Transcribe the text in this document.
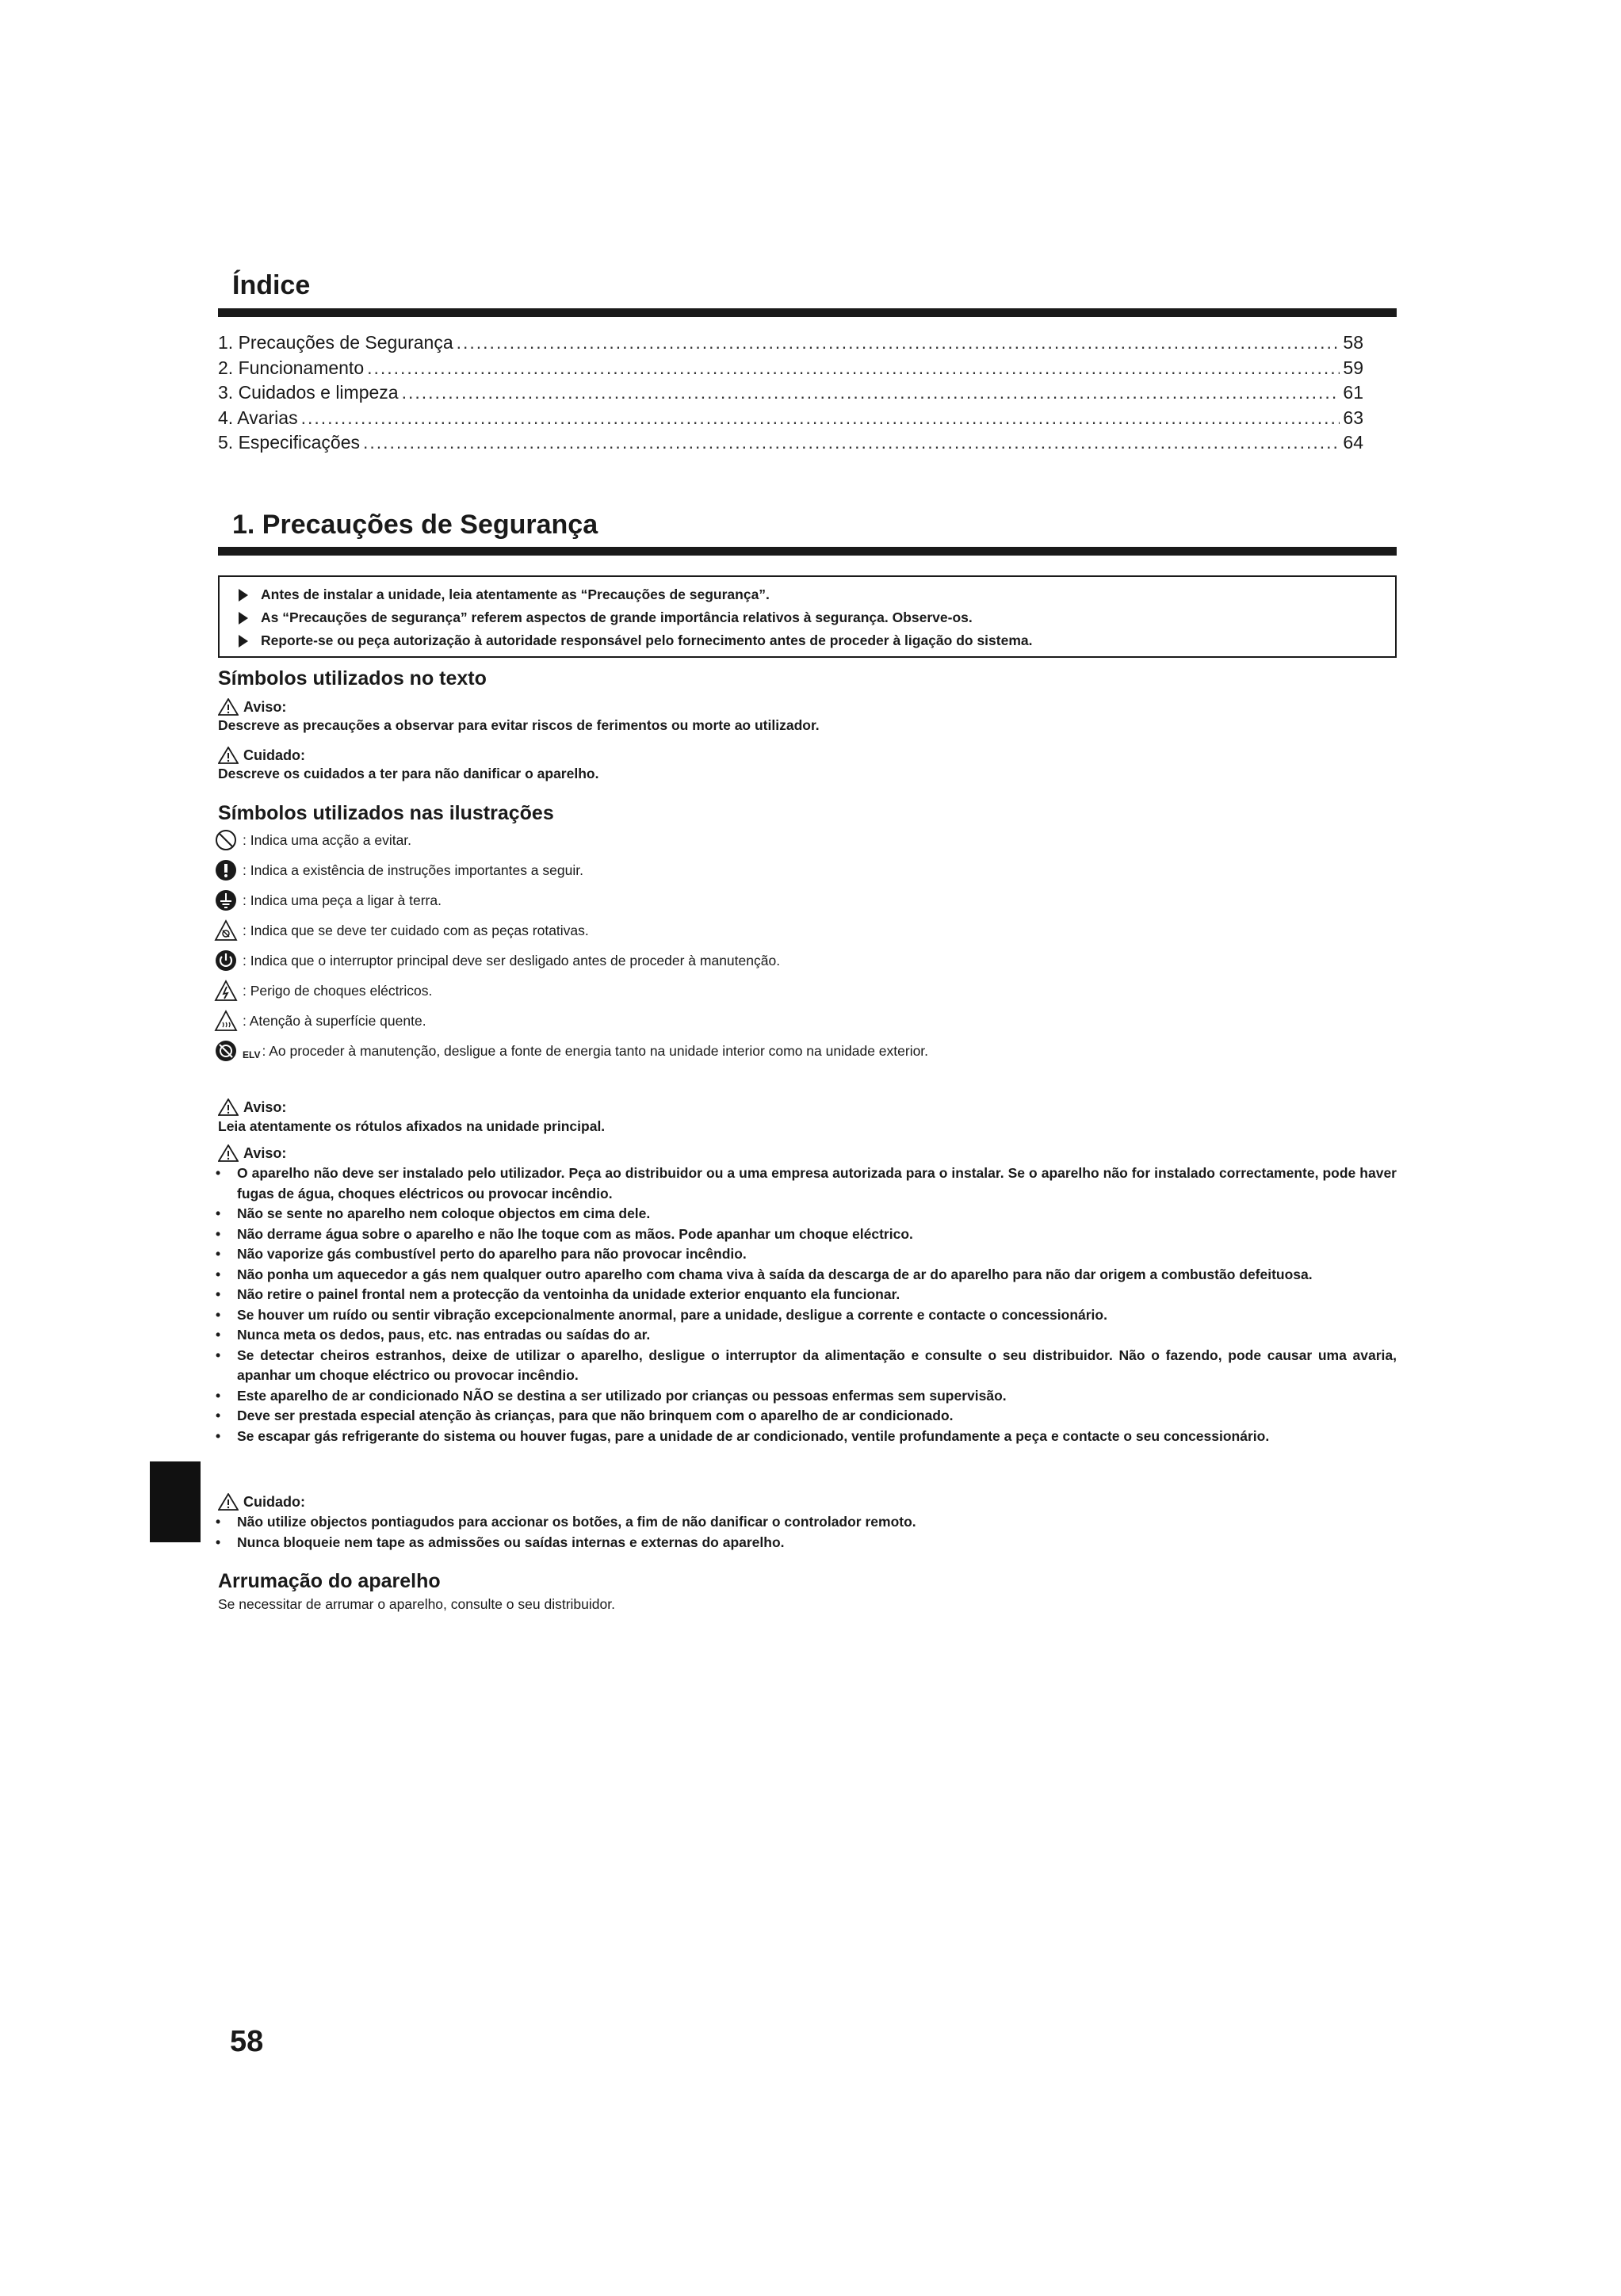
Índice
1. Precauções de Segurança . . .	58
2. Funcionamento . . .	59
3. Cuidados e limpeza . . .	61
4. Avarias . . .	63
5. Especificações . . .	64
1. Precauções de Segurança
Antes de instalar a unidade, leia atentamente as “Precauções de segurança”.
As “Precauções de segurança” referem aspectos de grande importância relativos à segurança. Observe-os.
Reporte-se ou peça autorização à autoridade responsável pelo fornecimento antes de proceder à ligação do sistema.
Símbolos utilizados no texto
Aviso:
Descreve as precauções a observar para evitar riscos de ferimentos ou morte ao utilizador.
Cuidado:
Descreve os cuidados a ter para não danificar o aparelho.
Símbolos utilizados nas ilustrações
: Indica uma acção a evitar.
: Indica a existência de instruções importantes a seguir.
: Indica uma peça a ligar à terra.
: Indica que se deve ter cuidado com as peças rotativas.
: Indica que o interruptor principal deve ser desligado antes de proceder à manutenção.
: Perigo de choques eléctricos.
: Atenção à superfície quente.
ELV : Ao proceder à manutenção, desligue a fonte de energia tanto na unidade interior como na unidade exterior.
Aviso:
Leia atentamente os rótulos afixados na unidade principal.
Aviso:
•	O aparelho não deve ser instalado pelo utilizador. Peça ao distribuidor ou a uma empresa autorizada para o instalar. Se o aparelho não for instalado correctamente, pode haver fugas de água, choques eléctricos ou provocar incêndio.
•	Não se sente no aparelho nem coloque objectos em cima dele.
•	Não derrame água sobre o aparelho e não lhe toque com as mãos. Pode apanhar um choque eléctrico.
•	Não vaporize gás combustível perto do aparelho para não provocar incêndio.
•	Não ponha um aquecedor a gás nem qualquer outro aparelho com chama viva à saída da descarga de ar do aparelho para não dar origem a combustão defeituosa.
•	Não retire o painel frontal nem a protecção da ventoinha da unidade exterior enquanto ela funcionar.
•	Se houver um ruído ou sentir vibração excepcionalmente anormal, pare a unidade, desligue a corrente e contacte o concessionário.
•	Nunca meta os dedos, paus, etc. nas entradas ou saídas do ar.
•	Se detectar cheiros estranhos, deixe de utilizar o aparelho, desligue o interruptor da alimentação e consulte o seu distribuidor. Não o fazendo, pode causar uma avaria, apanhar um choque eléctrico ou provocar incêndio.
•	Este aparelho de ar condicionado NÃO se destina a ser utilizado por crianças ou pessoas enfermas sem supervisão.
•	Deve ser prestada especial atenção às crianças, para que não brinquem com o aparelho de ar condicionado.
•	Se escapar gás refrigerante do sistema ou houver fugas, pare a unidade de ar condicionado, ventile profundamente a peça e contacte o seu concessionário.
Cuidado:
•	Não utilize objectos pontiagudos para accionar os botões, a fim de não danificar o controlador remoto.
•	Nunca bloqueie nem tape as admissões ou saídas internas e externas do aparelho.
Arrumação do aparelho
Se necessitar de arrumar o aparelho, consulte o seu distribuidor.
58
